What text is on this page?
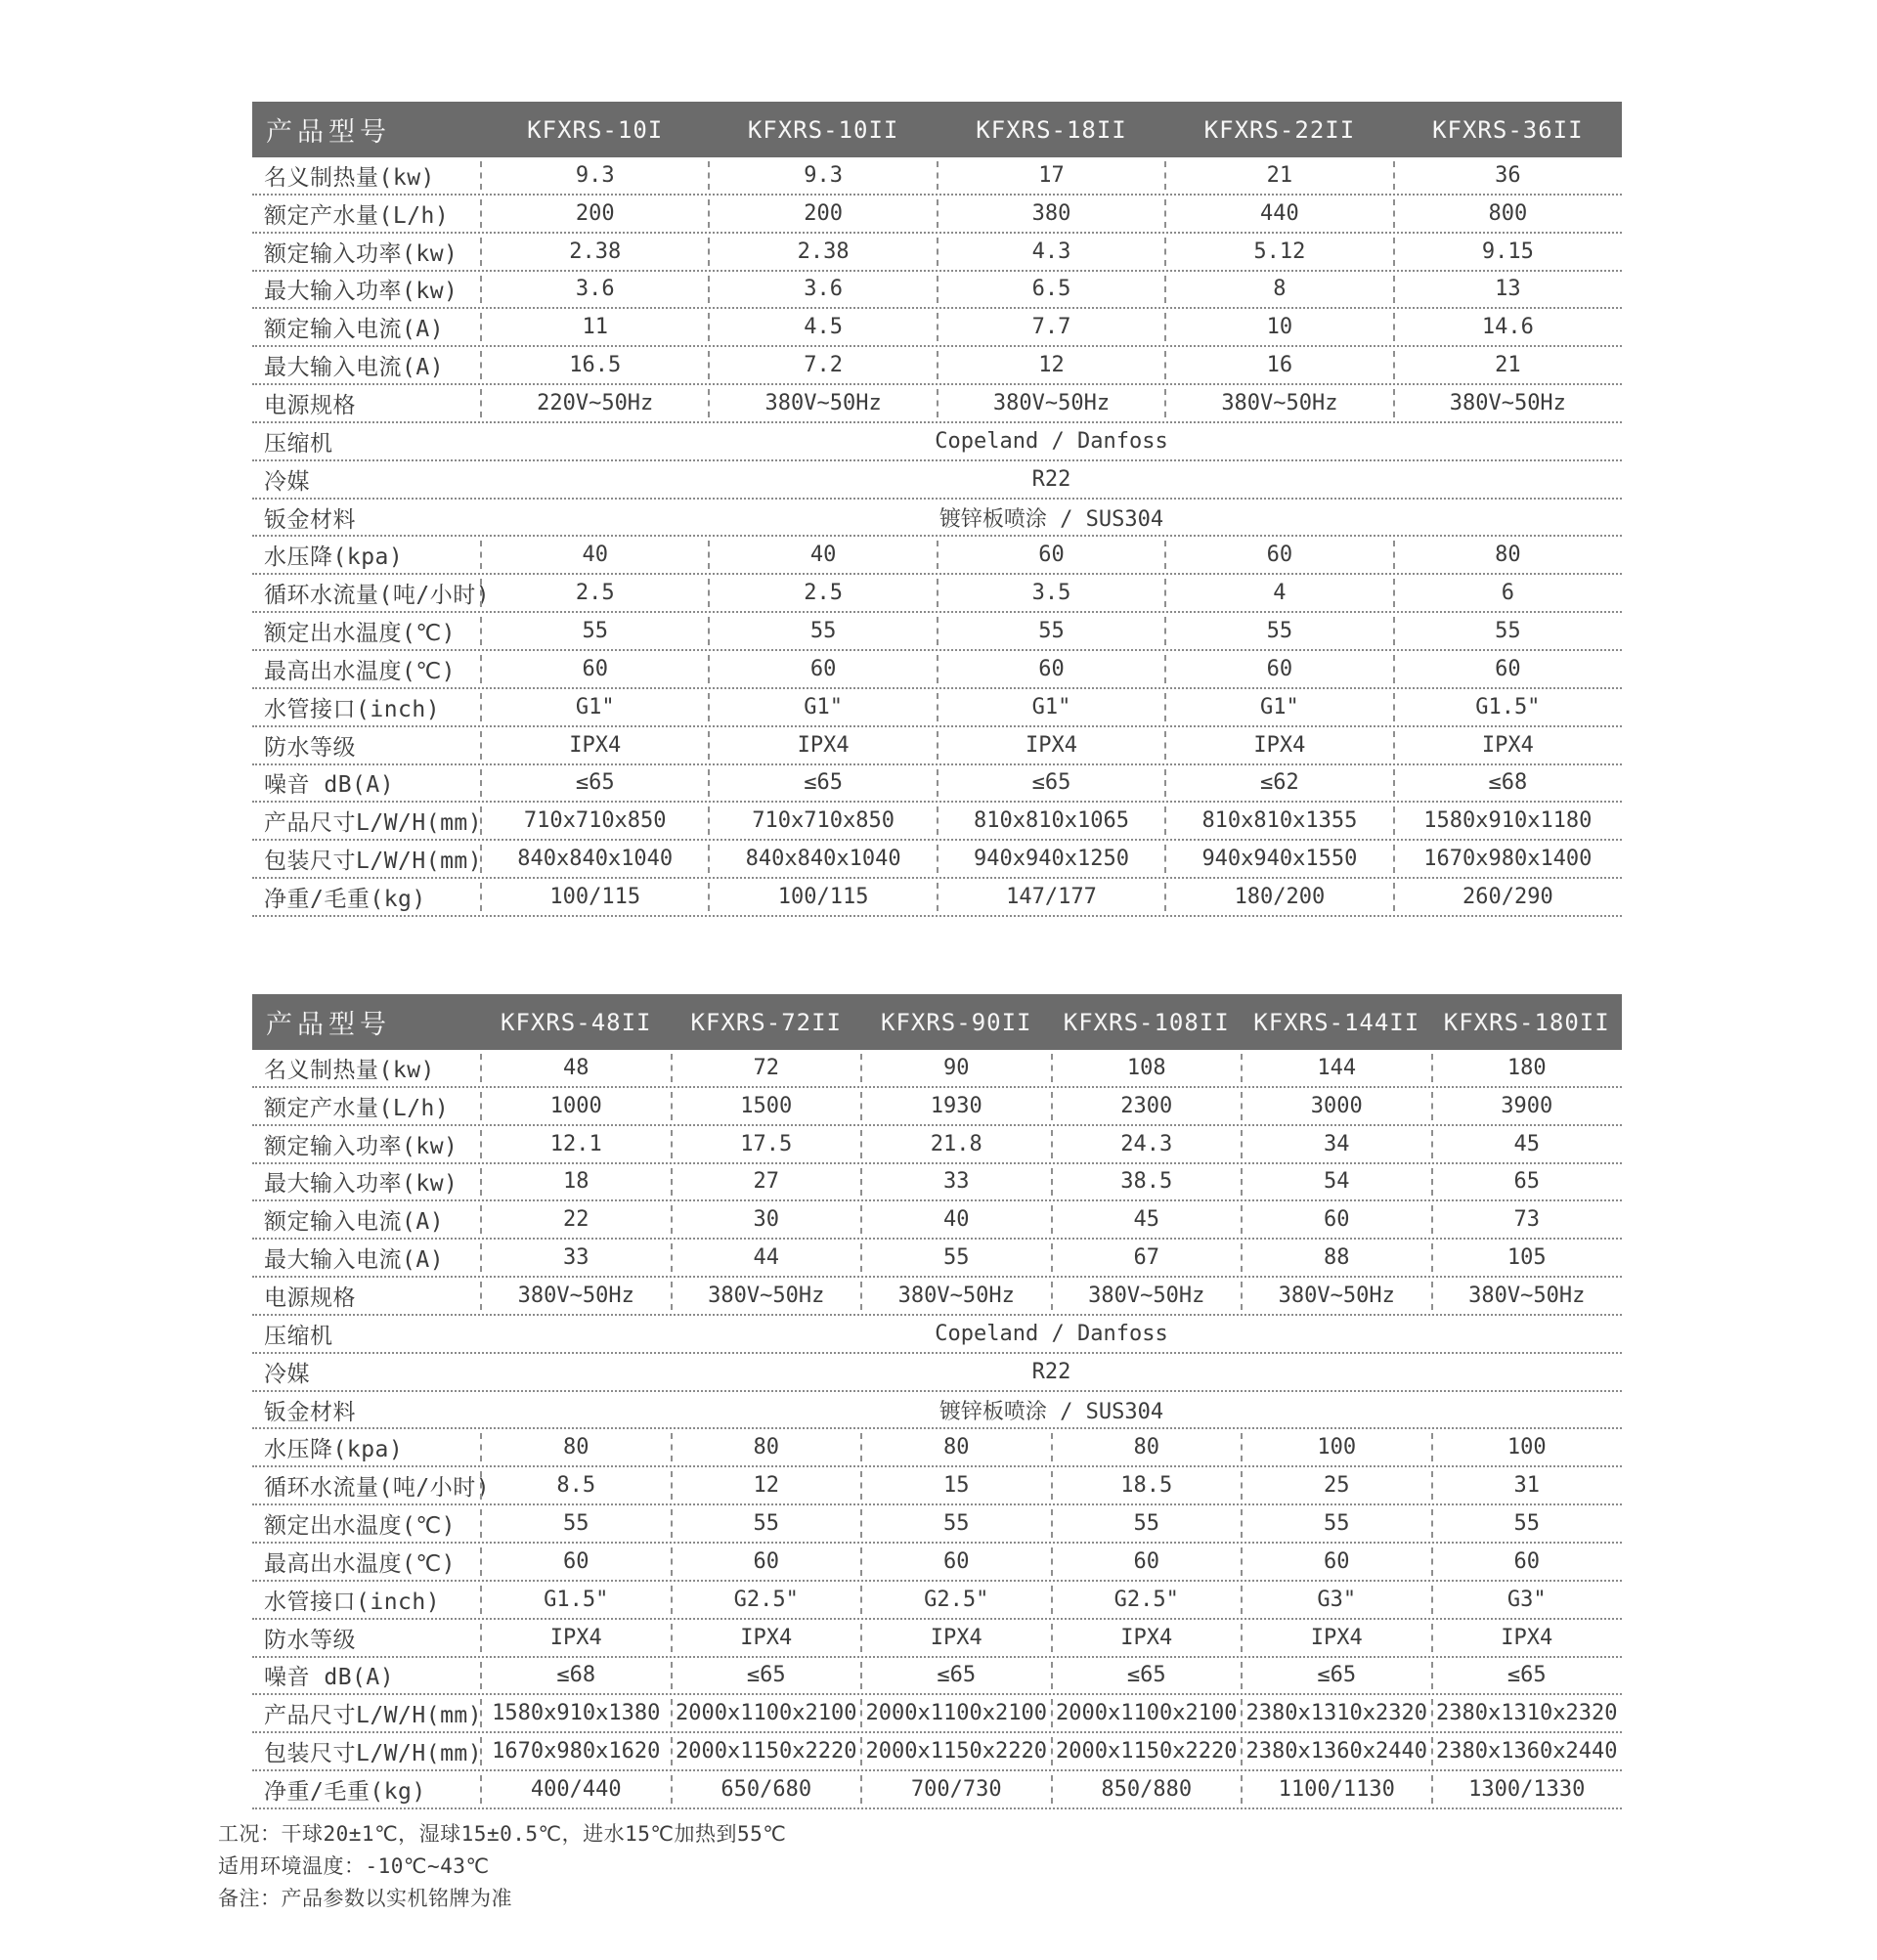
产品型号	KFXRS-10I	KFXRS-10II	KFXRS-18II	KFXRS-22II	KFXRS-36II
名义制热量(kw)	9.3	9.3	17	21	36
额定产水量(L/h)	200	200	380	440	800
额定输入功率(kw)	2.38	2.38	4.3	5.12	9.15
最大输入功率(kw)	3.6	3.6	6.5	8	13
额定输入电流(A)	11	4.5	7.7	10	14.6
最大输入电流(A)	16.5	7.2	12	16	21
电源规格	220V~50Hz	380V~50Hz	380V~50Hz	380V~50Hz	380V~50Hz
压缩机	Copeland / Danfoss
冷媒	R22
钣金材料	镀锌板喷涂 / SUS304
水压降(kpa)	40	40	60	60	80
循环水流量(吨/小时)	2.5	2.5	3.5	4	6
额定出水温度(℃)	55	55	55	55	55
最高出水温度(℃)	60	60	60	60	60
水管接口(inch)	G1"	G1"	G1"	G1"	G1.5"
防水等级	IPX4	IPX4	IPX4	IPX4	IPX4
噪音 dB(A)	≤65	≤65	≤65	≤62	≤68
产品尺寸L/W/H(mm)	710x710x850	710x710x850	810x810x1065	810x810x1355	1580x910x1180
包装尺寸L/W/H(mm)	840x840x1040	840x840x1040	940x940x1250	940x940x1550	1670x980x1400
净重/毛重(kg)	100/115	100/115	147/177	180/200	260/290
产品型号	KFXRS-48II	KFXRS-72II	KFXRS-90II	KFXRS-108II	KFXRS-144II	KFXRS-180II
名义制热量(kw)	48	72	90	108	144	180
额定产水量(L/h)	1000	1500	1930	2300	3000	3900
额定输入功率(kw)	12.1	17.5	21.8	24.3	34	45
最大输入功率(kw)	18	27	33	38.5	54	65
额定输入电流(A)	22	30	40	45	60	73
最大输入电流(A)	33	44	55	67	88	105
电源规格	380V~50Hz	380V~50Hz	380V~50Hz	380V~50Hz	380V~50Hz	380V~50Hz
压缩机	Copeland / Danfoss
冷媒	R22
钣金材料	镀锌板喷涂 / SUS304
水压降(kpa)	80	80	80	80	100	100
循环水流量(吨/小时)	8.5	12	15	18.5	25	31
额定出水温度(℃)	55	55	55	55	55	55
最高出水温度(℃)	60	60	60	60	60	60
水管接口(inch)	G1.5"	G2.5"	G2.5"	G2.5"	G3"	G3"
防水等级	IPX4	IPX4	IPX4	IPX4	IPX4	IPX4
噪音 dB(A)	≤68	≤65	≤65	≤65	≤65	≤65
产品尺寸L/W/H(mm) 1580x910x1380 2000x1100x2100 2000x1100x2100 2000x1100x2100 2380x1310x2320 2380x1310x2320
包装尺寸L/W/H(mm) 1670x980x1620 2000x1150x2220 2000x1150x2220 2000x1150x2220 2380x1360x2440 2380x1360x2440
净重/毛重(kg)	400/440	650/680	700/730	850/880	1100/1130	1300/1330
工况：干球20±1℃，湿球15±0.5℃，进水15℃加热到55℃
适用环境温度：-10℃~43℃
备注：产品参数以实机铭牌为准
